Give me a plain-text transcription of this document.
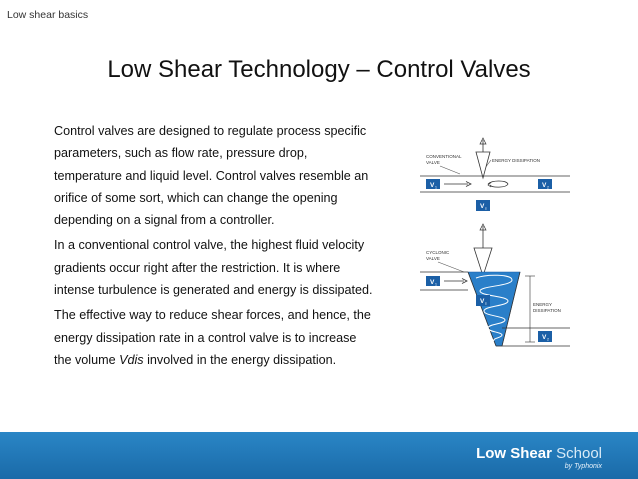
Low shear basics
Low Shear Technology – Control Valves

Control valves are designed to regulate process specific parameters, such as flow rate, pressure drop, temperature and liquid level. Control valves resemble an orifice of some sort, which can change the opening depending on a signal from a controller.

In a conventional control valve, the highest fluid velocity gradients occur right after the restriction. It is where intense turbulence is generated and energy is dissipated.

The effective way to reduce shear forces, and hence, the energy dissipation rate in a control valve is to increase the volume Vdis involved in the energy dissipation.

CONVENTIONAL
VALVE	ENERGY DISSIPATION
V 1	V 2
V s
CYCLONIC
VALVE
V 1
V s	ENERGY
DISSIPATION
V 2
Low Shear School
by Typhonix
